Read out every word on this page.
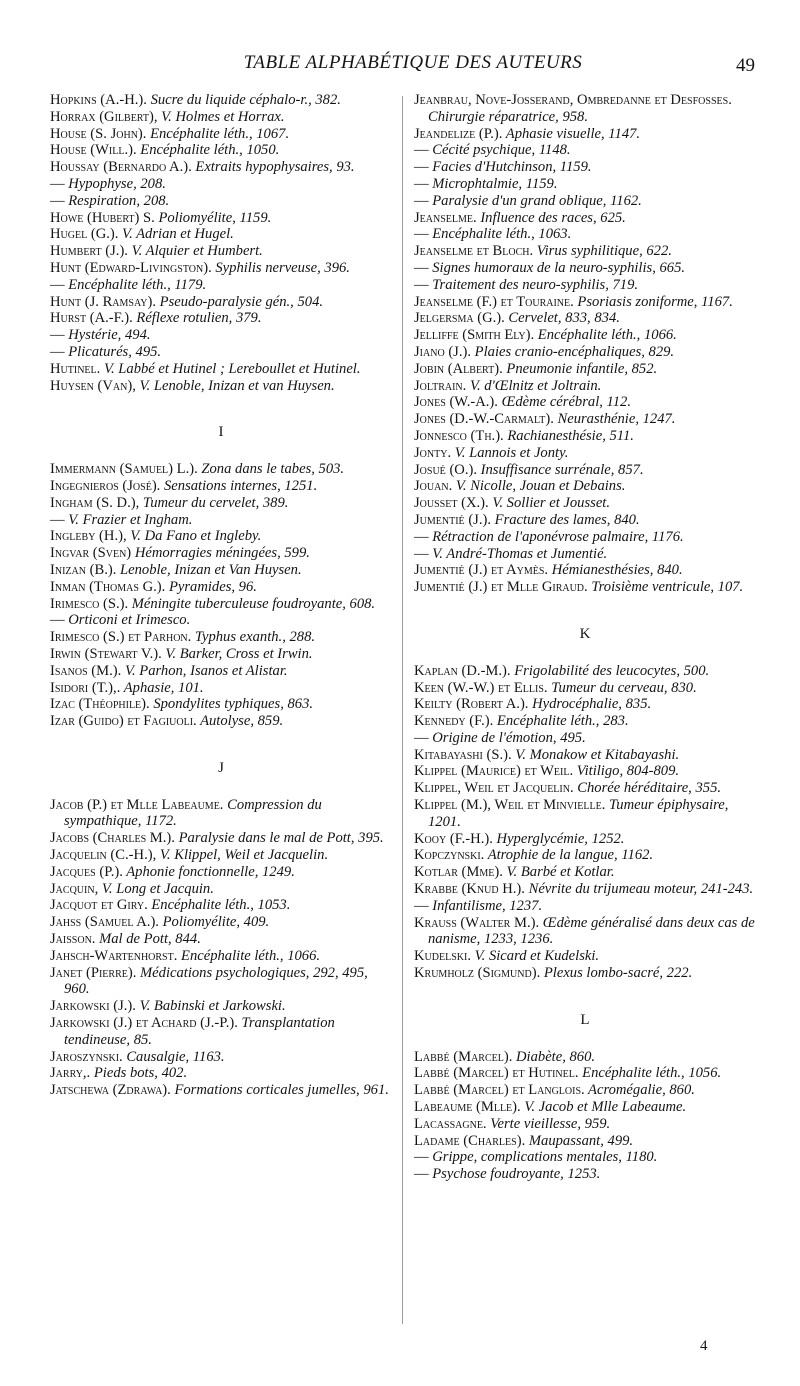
TABLE ALPHABÉTIQUE DES AUTEURS	49

Hopkins (A.-H.). Sucre du liquide céphalo-r., 382.

Horrax (Gilbert), V. Holmes et Horrax.

House (S. John). Encéphalite léth., 1067.

House (Will.). Encéphalite léth., 1050.

Houssay (Bernardo A.). Extraits hypophysaires, 93.

— Hypophyse, 208.

— Respiration, 208.

Howe (Hubert) S. Poliomyélite, 1159.

Hugel (G.). V. Adrian et Hugel.

Humbert (J.). V. Alquier et Humbert.

Hunt (Edward-Livingston). Syphilis nerveuse, 396.

— Encéphalite léth., 1179.

Hunt (J. Ramsay). Pseudo-paralysie gén., 504.

Hurst (A.-F.). Réflexe rotulien, 379.

— Hystérie, 494.

— Plicaturés, 495.

Hutinel. V. Labbé et Hutinel ; Lereboullet et Hutinel.

Huysen (Van), V. Lenoble, Inizan et van Huysen.

I

Immermann (Samuel) L.). Zona dans le tabes, 503.

Ingegnieros (José). Sensations internes, 1251.

Ingham (S. D.), Tumeur du cervelet, 389.

— V. Frazier et Ingham.

Ingleby (H.), V. Da Fano et Ingleby.

Ingvar (Sven) Hémorragies méningées, 599.

Inizan (B.). Lenoble, Inizan et Van Huysen.

Inman (Thomas G.). Pyramides, 96.

Irimesco (S.). Méningite tuberculeuse foudroyante, 608.

— Orticoni et Irimesco.

Irimesco (S.) et Parhon. Typhus exanth., 288.

Irwin (Stewart V.). V. Barker, Cross et Irwin.

Isanos (M.). V. Parhon, Isanos et Alistar.

Isidori (T.),. Aphasie, 101.

Izac (Théophile). Spondylites typhiques, 863.

Izar (Guido) et Fagiuoli. Autolyse, 859.

J

Jacob (P.) et Mlle Labeaume. Compression du sympathique, 1172.

Jacobs (Charles M.). Paralysie dans le mal de Pott, 395.

Jacquelin (C.-H.), V. Klippel, Weil et Jacquelin.

Jacques (P.). Aphonie fonctionnelle, 1249.

Jacquin, V. Long et Jacquin.

Jacquot et Giry. Encéphalite léth., 1053.

Jahss (Samuel A.). Poliomyélite, 409.

Jaisson. Mal de Pott, 844.

Jahsch-Wartenhorst. Encéphalite léth., 1066.

Janet (Pierre). Médications psychologiques, 292, 495, 960.

Jarkowski (J.). V. Babinski et Jarkowski.

Jarkowski (J.) et Achard (J.-P.). Transplantation tendineuse, 85.

Jaroszynski. Causalgie, 1163.

Jarry,. Pieds bots, 402.

Jatschewa (Zdrawa). Formations corticales jumelles, 961.

Jeanbrau, Nove-Josserand, Ombredanne et Desfosses. Chirurgie réparatrice, 958.

Jeandelize (P.). Aphasie visuelle, 1147.

— Cécité psychique, 1148.

— Facies d'Hutchinson, 1159.

— Microphtalmie, 1159.

— Paralysie d'un grand oblique, 1162.

Jeanselme. Influence des races, 625.

— Encéphalite léth., 1063.

Jeanselme et Bloch. Virus syphilitique, 622.

— Signes humoraux de la neuro-syphilis, 665.

— Traitement des neuro-syphilis, 719.

Jeanselme (F.) et Touraine. Psoriasis zoniforme, 1167.

Jelgersma (G.). Cervelet, 833, 834.

Jelliffe (Smith Ely). Encéphalite léth., 1066.

Jiano (J.). Plaies cranio-encéphaliques, 829.

Jobin (Albert). Pneumonie infantile, 852.

Joltrain. V. d'Œlnitz et Joltrain.

Jones (W.-A.). Œdème cérébral, 112.

Jones (D.-W.-Carmalt). Neurasthénie, 1247.

Jonnesco (Th.). Rachianesthésie, 511.

Jonty. V. Lannois et Jonty.

Josué (O.). Insuffisance surrénale, 857.

Jouan. V. Nicolle, Jouan et Debains.

Jousset (X.). V. Sollier et Jousset.

Jumentié (J.). Fracture des lames, 840.

— Rétraction de l'aponévrose palmaire, 1176.

— V. André-Thomas et Jumentié.

Jumentié (J.) et Aymès. Hémianesthésies, 840.

Jumentié (J.) et Mlle Giraud. Troisième ventricule, 107.

K

Kaplan (D.-M.). Frigolabilité des leucocytes, 500.

Keen (W.-W.) et Ellis. Tumeur du cerveau, 830.

Keilty (Robert A.). Hydrocéphalie, 835.

Kennedy (F.). Encéphalite léth., 283.

— Origine de l'émotion, 495.

Kitabayashi (S.). V. Monakow et Kitabayashi.

Klippel (Maurice) et Weil. Vitiligo, 804-809.

Klippel, Weil et Jacquelin. Chorée héréditaire, 355.

Klippel (M.), Weil et Minvielle. Tumeur épiphysaire, 1201.

Kooy (F.-H.). Hyperglycémie, 1252.

Kopczynski. Atrophie de la langue, 1162.

Kotlar (Mme). V. Barbé et Kotlar.

Krabbe (Knud H.). Névrite du trijumeau moteur, 241-243.

— Infantilisme, 1237.

Krauss (Walter M.). Œdème généralisé dans deux cas de nanisme, 1233, 1236.

Kudelski. V. Sicard et Kudelski.

Krumholz (Sigmund). Plexus lombo-sacré, 222.

L

Labbé (Marcel). Diabète, 860.

Labbé (Marcel) et Hutinel. Encéphalite léth., 1056.

Labbé (Marcel) et Langlois. Acromégalie, 860.

Labeaume (Mlle). V. Jacob et Mlle Labeaume.

Lacassagne. Verte vieillesse, 959.

Ladame (Charles). Maupassant, 499.

— Grippe, complications mentales, 1180.

— Psychose foudroyante, 1253.

4
